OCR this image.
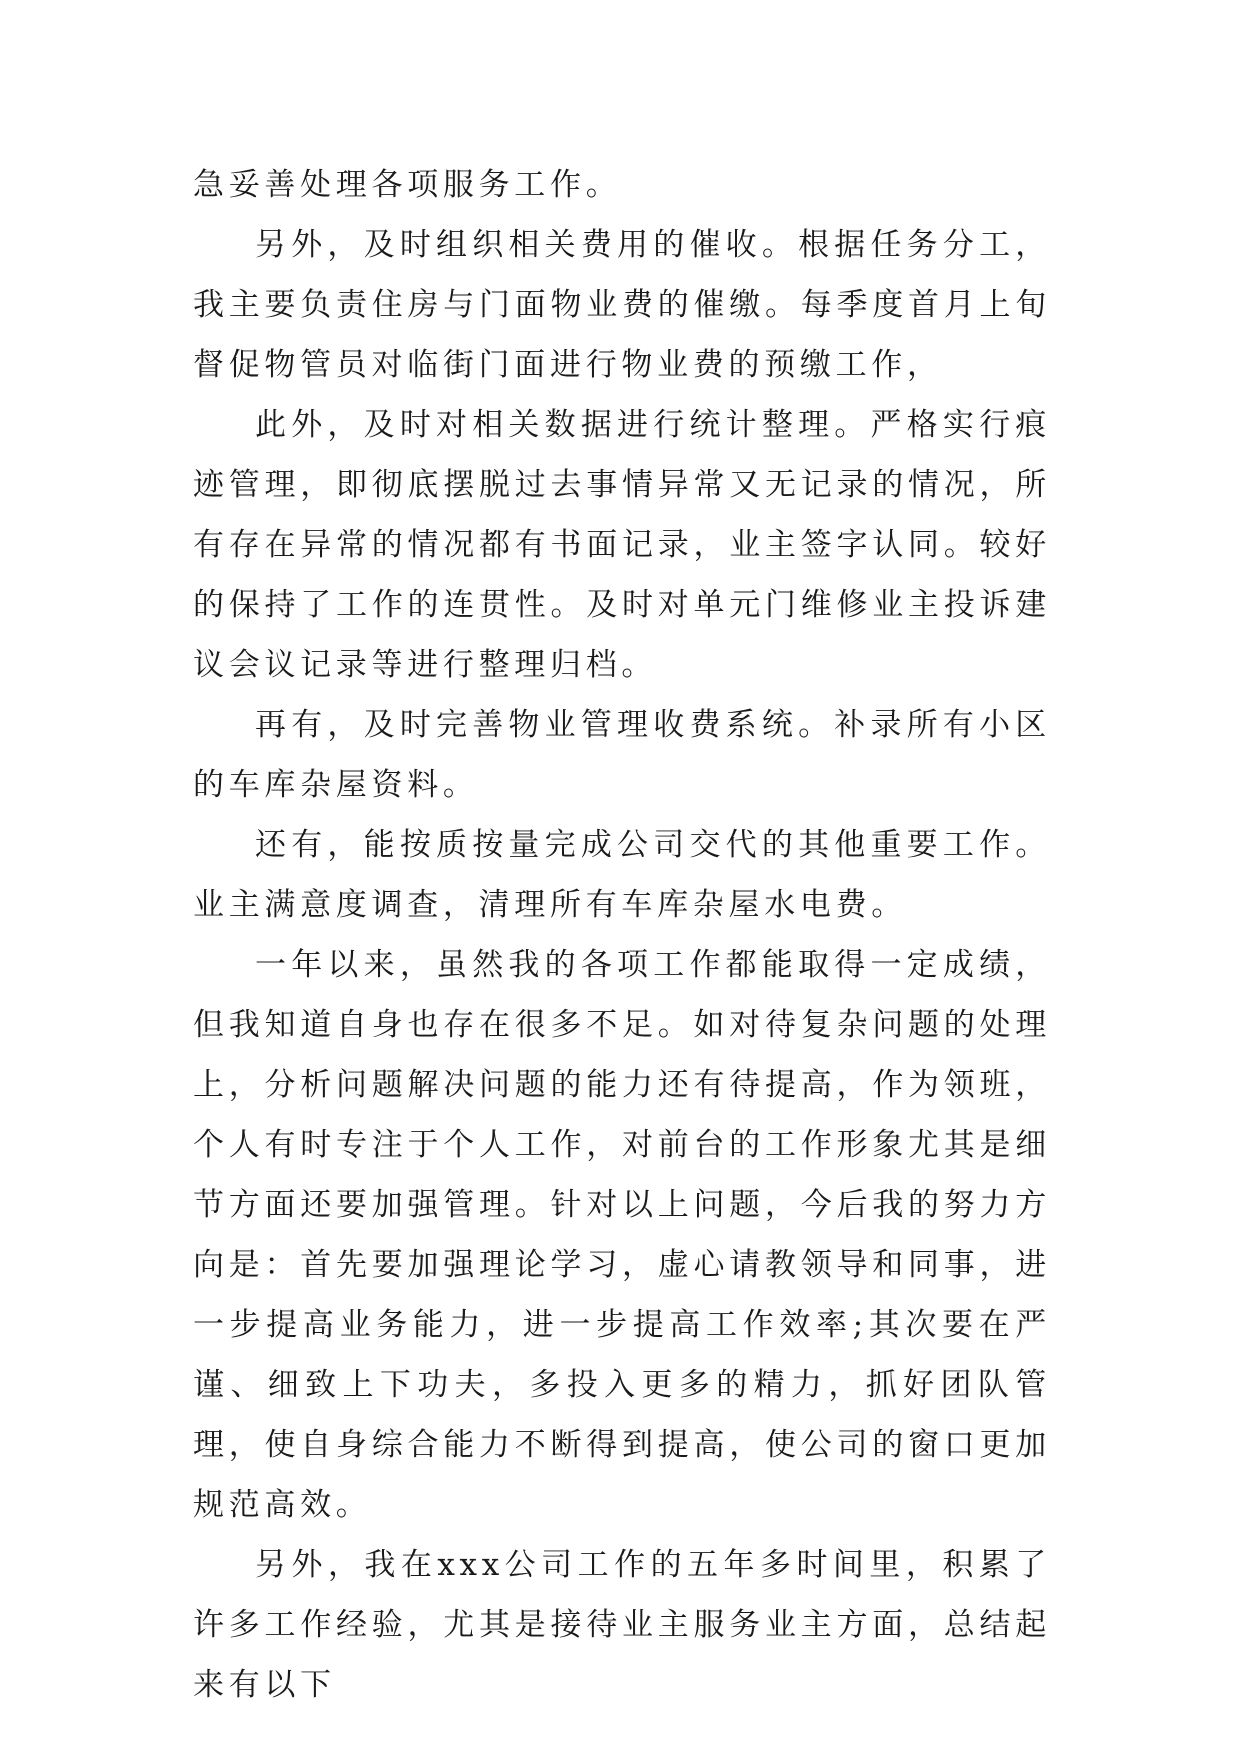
急妥善处理各项服务工作。

另外，及时组织相关费用的催收。根据任务分工，我主要负责住房与门面物业费的催缴。每季度首月上旬督促物管员对临街门面进行物业费的预缴工作，

此外，及时对相关数据进行统计整理。严格实行痕迹管理，即彻底摆脱过去事情异常又无记录的情况，所有存在异常的情况都有书面记录，业主签字认同。较好的保持了工作的连贯性。及时对单元门维修业主投诉建议会议记录等进行整理归档。

再有，及时完善物业管理收费系统。补录所有小区的车库杂屋资料。

还有，能按质按量完成公司交代的其他重要工作。业主满意度调查，清理所有车库杂屋水电费。

一年以来，虽然我的各项工作都能取得一定成绩，但我知道自身也存在很多不足。如对待复杂问题的处理上，分析问题解决问题的能力还有待提高，作为领班，个人有时专注于个人工作，对前台的工作形象尤其是细节方面还要加强管理。针对以上问题，今后我的努力方向是：首先要加强理论学习，虚心请教领导和同事，进一步提高业务能力，进一步提高工作效率;其次要在严谨、细致上下功夫，多投入更多的精力，抓好团队管理，使自身综合能力不断得到提高，使公司的窗口更加规范高效。

另外，我在xxx公司工作的五年多时间里，积累了许多工作经验，尤其是接待业主服务业主方面，总结起来有以下
